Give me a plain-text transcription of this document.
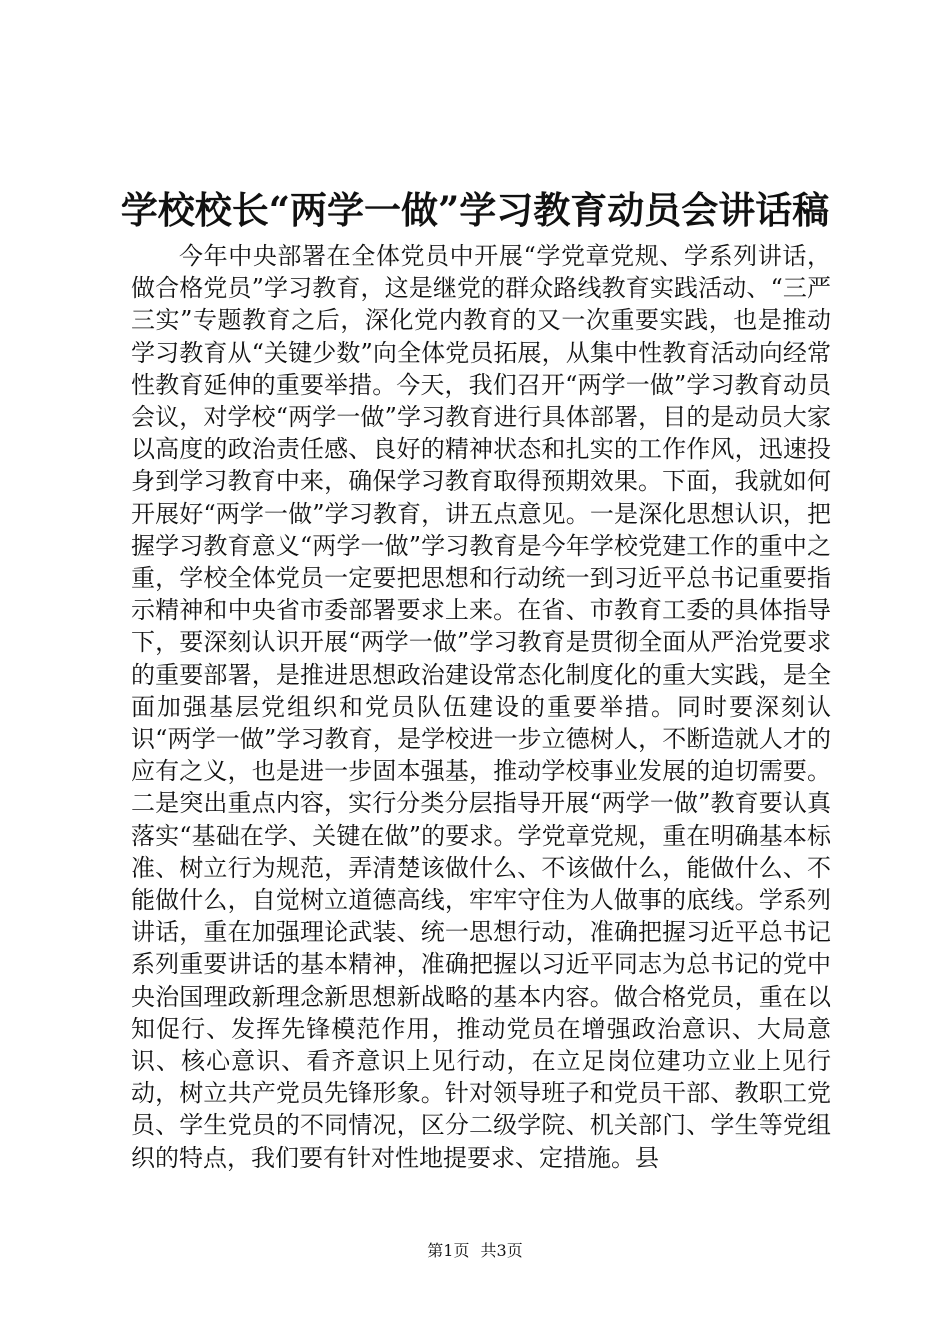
学校校长“两学一做”学习教育动员会讲话稿

今年中央部署在全体党员中开展“学党章党规、学系列讲话，做合格党员”学习教育，这是继党的群众路线教育实践活动、“三严三实”专题教育之后，深化党内教育的又一次重要实践，也是推动学习教育从“关键少数”向全体党员拓展，从集中性教育活动向经常性教育延伸的重要举措。今天，我们召开“两学一做”学习教育动员会议，对学校“两学一做”学习教育进行具体部署，目的是动员大家以高度的政治责任感、良好的精神状态和扎实的工作作风，迅速投身到学习教育中来，确保学习教育取得预期效果。下面，我就如何开展好“两学一做”学习教育，讲五点意见。一是深化思想认识，把握学习教育意义“两学一做”学习教育是今年学校党建工作的重中之重，学校全体党员一定要把思想和行动统一到习近平总书记重要指示精神和中央省市委部署要求上来。在省、市教育工委的具体指导下，要深刻认识开展“两学一做”学习教育是贯彻全面从严治党要求的重要部署，是推进思想政治建设常态化制度化的重大实践，是全面加强基层党组织和党员队伍建设的重要举措。同时要深刻认识“两学一做”学习教育，是学校进一步立德树人，不断造就人才的应有之义，也是进一步固本强基，推动学校事业发展的迫切需要。二是突出重点内容，实行分类分层指导开展“两学一做”教育要认真落实“基础在学、关键在做”的要求。学党章党规，重在明确基本标准、树立行为规范，弄清楚该做什么、不该做什么，能做什么、不能做什么，自觉树立道德高线，牢牢守住为人做事的底线。学系列讲话，重在加强理论武装、统一思想行动，准确把握习近平总书记系列重要讲话的基本精神，准确把握以习近平同志为总书记的党中央治国理政新理念新思想新战略的基本内容。做合格党员，重在以知促行、发挥先锋模范作用，推动党员在增强政治意识、大局意识、核心意识、看齐意识上见行动，在立足岗位建功立业上见行动，树立共产党员先锋形象。针对领导班子和党员干部、教职工党员、学生党员的不同情况，区分二级学院、机关部门、学生等党组织的特点，我们要有针对性地提要求、定措施。县

第1页 共3页
